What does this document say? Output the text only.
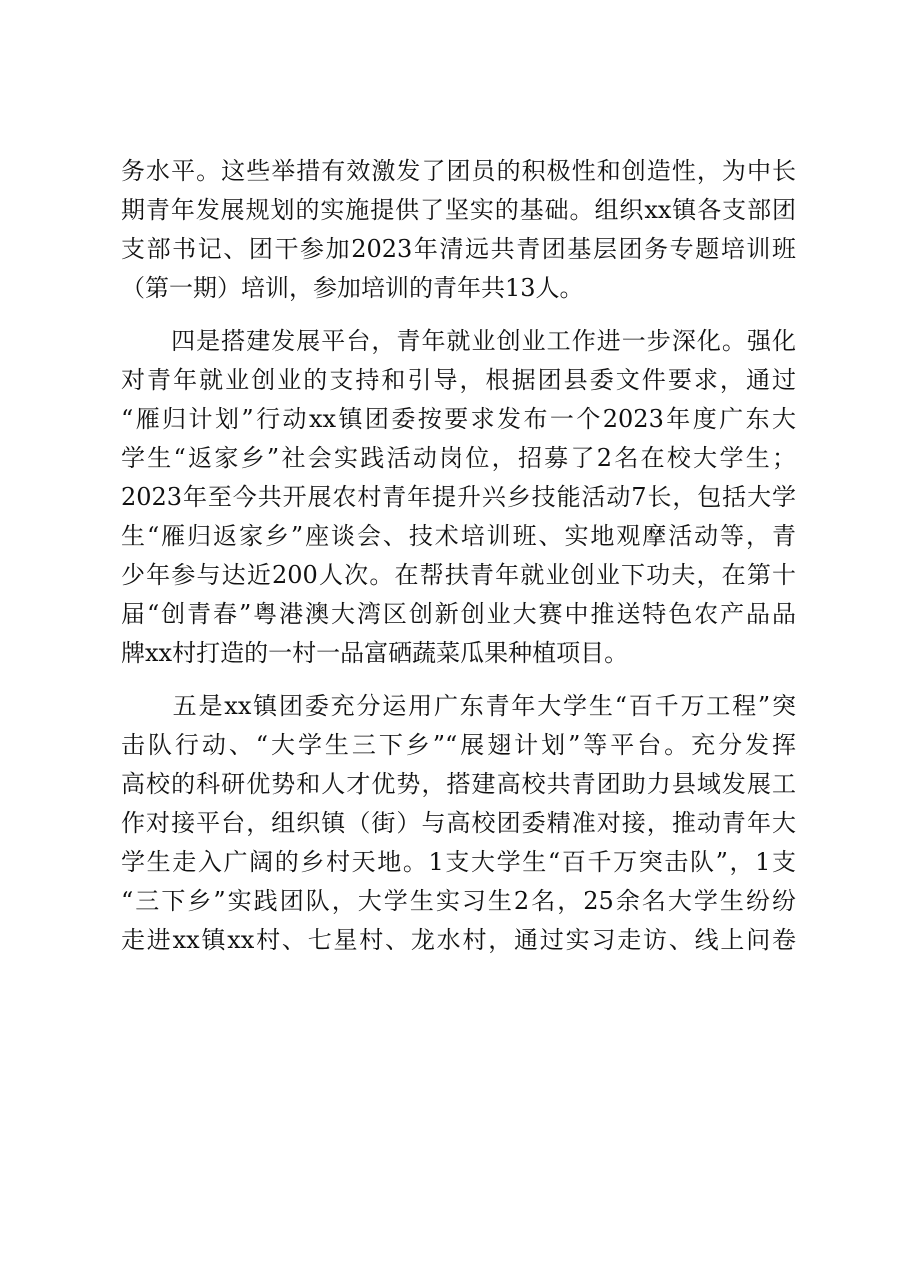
务水平。这些举措有效激发了团员的积极性和创造性，为中长
期青年发展规划的实施提供了坚实的基础。组织xx镇各支部团
支部书记、团干参加2023年清远共青团基层团务专题培训班
（第一期）培训，参加培训的青年共13人。
　　四是搭建发展平台，青年就业创业工作进一步深化。强化
对青年就业创业的支持和引导，根据团县委文件要求，通过
“雁归计划”行动xx镇团委按要求发布一个2023年度广东大
学生“返家乡”社会实践活动岗位，招募了2名在校大学生；
2023年至今共开展农村青年提升兴乡技能活动7长，包括大学
生“雁归返家乡”座谈会、技术培训班、实地观摩活动等，青
少年参与达近200人次。在帮扶青年就业创业下功夫，在第十
届“创青春”粤港澳大湾区创新创业大赛中推送特色农产品品
牌xx村打造的一村一品富硒蔬菜瓜果种植项目。
　　五是xx镇团委充分运用广东青年大学生“百千万工程”突
击队行动、“大学生三下乡”“展翅计划”等平台。充分发挥
高校的科研优势和人才优势，搭建高校共青团助力县域发展工
作对接平台，组织镇（街）与高校团委精准对接，推动青年大
学生走入广阔的乡村天地。1支大学生“百千万突击队”，1支
“三下乡”实践团队，大学生实习生2名，25余名大学生纷纷
走进xx镇xx村、七星村、龙水村，通过实习走访、线上问卷
